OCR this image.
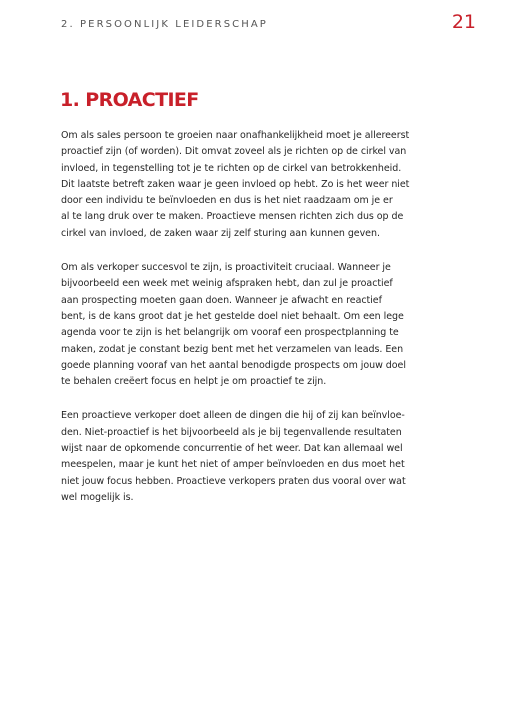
2. PERSOONLIJK LEIDERSCHAP	21
1. PROACTIEF

Om als sales persoon te groeien naar onafhankelijkheid moet je allereerst
proactief zijn (of worden). Dit omvat zoveel als je richten op de cirkel van
invloed, in tegenstelling tot je te richten op de cirkel van betrokkenheid.
Dit laatste betreft zaken waar je geen invloed op hebt. Zo is het weer niet
door een individu te beïnvloeden en dus is het niet raadzaam om je er
al te lang druk over te maken. Proactieve mensen richten zich dus op de
cirkel van invloed, de zaken waar zij zelf sturing aan kunnen geven.

Om als verkoper succesvol te zijn, is proactiviteit cruciaal. Wanneer je
bijvoorbeeld een week met weinig afspraken hebt, dan zul je proactief
aan prospecting moeten gaan doen. Wanneer je afwacht en reactief
bent, is de kans groot dat je het gestelde doel niet behaalt. Om een lege
agenda voor te zijn is het belangrijk om vooraf een prospectplanning te
maken, zodat je constant bezig bent met het verzamelen van leads. Een
goede planning vooraf van het aantal benodigde prospects om jouw doel
te behalen creëert focus en helpt je om proactief te zijn.

Een proactieve verkoper doet alleen de dingen die hij of zij kan beïnvloe-
den. Niet-proactief is het bijvoorbeeld als je bij tegenvallende resultaten
wijst naar de opkomende concurrentie of het weer. Dat kan allemaal wel
meespelen, maar je kunt het niet of amper beïnvloeden en dus moet het
niet jouw focus hebben. Proactieve verkopers praten dus vooral over wat
wel mogelijk is.
